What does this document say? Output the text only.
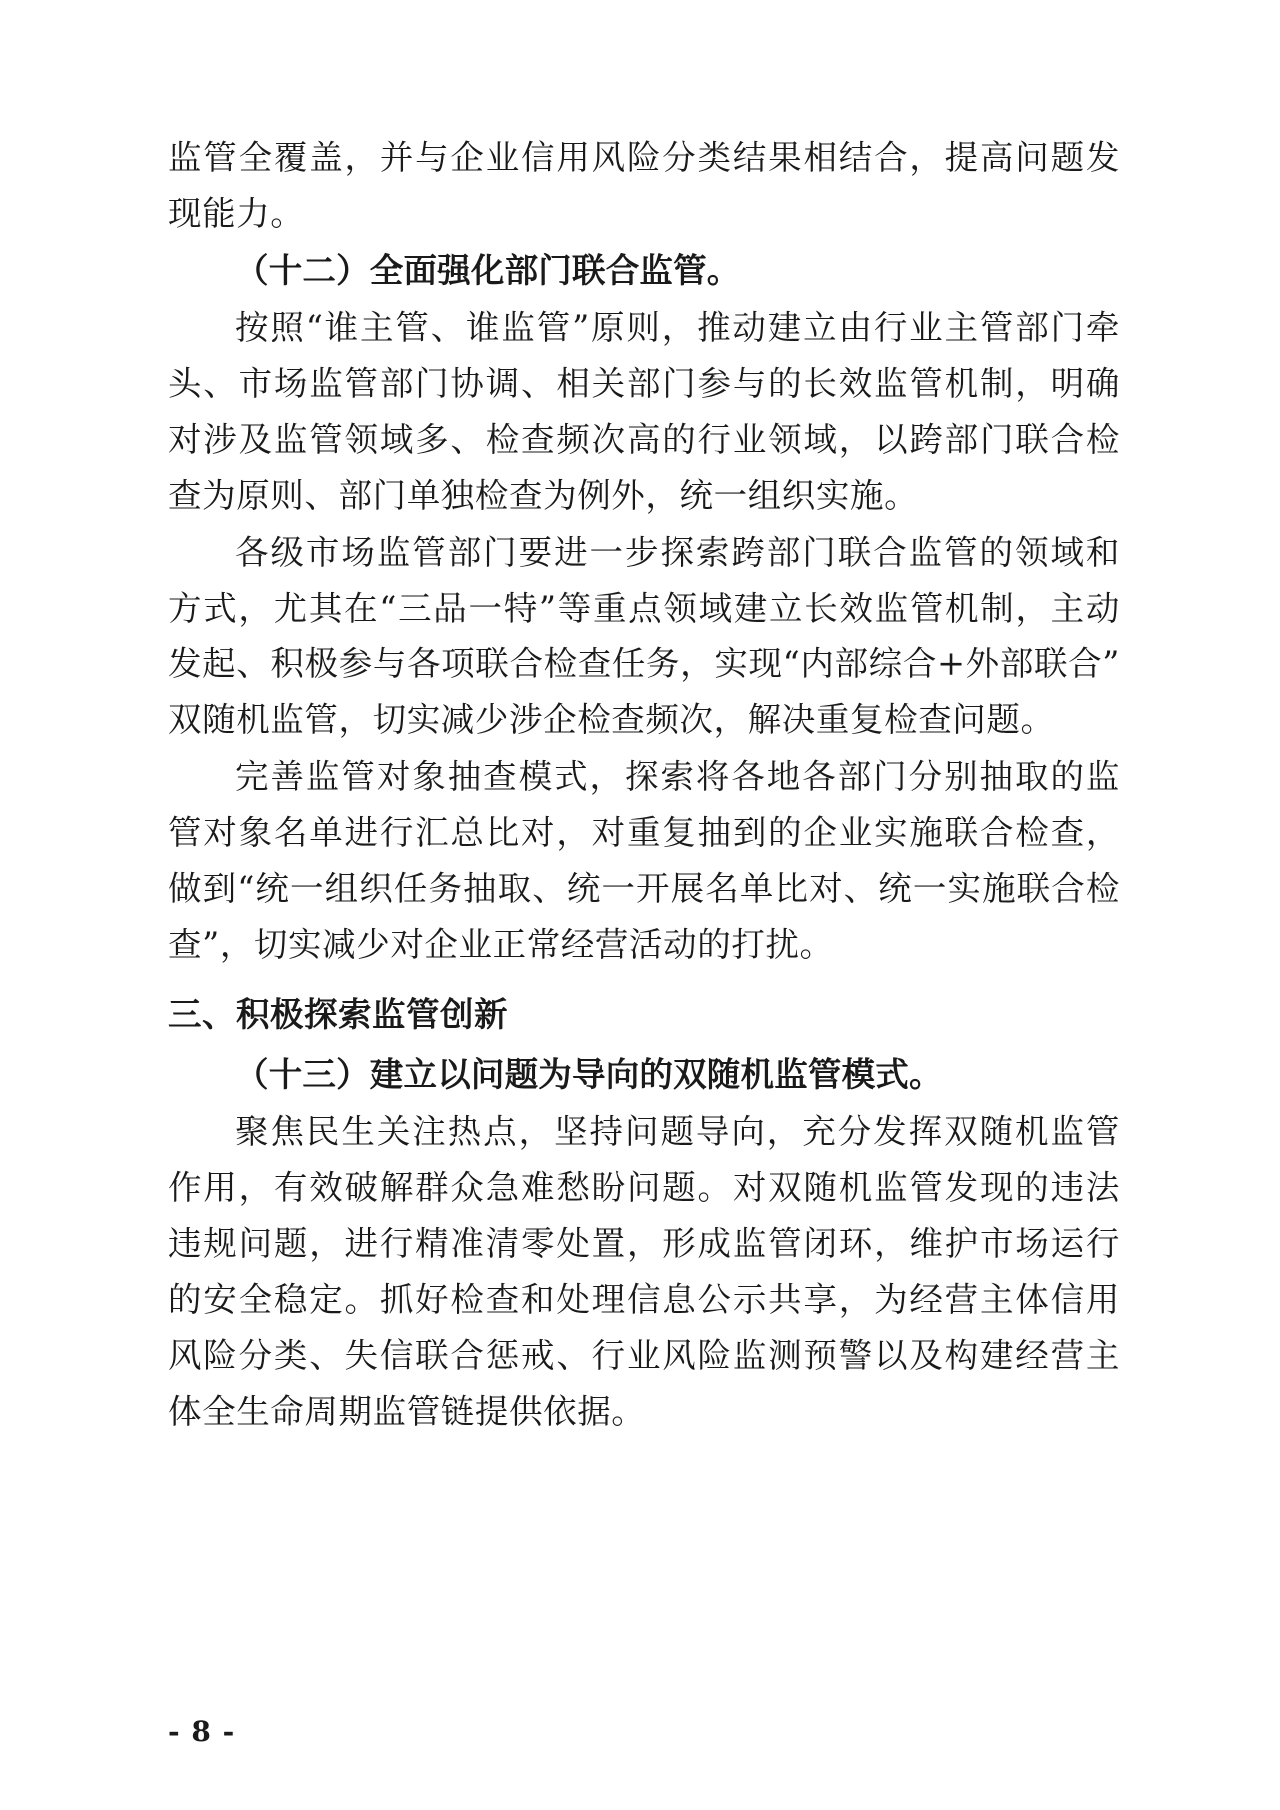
监管全覆盖，并与企业信用风险分类结果相结合，提高问题发现能力。

（十二）全面强化部门联合监管。

按照“谁主管、谁监管”原则，推动建立由行业主管部门牵头、市场监管部门协调、相关部门参与的长效监管机制，明确对涉及监管领域多、检查频次高的行业领域，以跨部门联合检查为原则、部门单独检查为例外，统一组织实施。

各级市场监管部门要进一步探索跨部门联合监管的领域和方式，尤其在“三品一特”等重点领域建立长效监管机制，主动发起、积极参与各项联合检查任务，实现“内部综合+外部联合”双随机监管，切实减少涉企检查频次，解决重复检查问题。

完善监管对象抽查模式，探索将各地各部门分别抽取的监管对象名单进行汇总比对，对重复抽到的企业实施联合检查，做到“统一组织任务抽取、统一开展名单比对、统一实施联合检查”，切实减少对企业正常经营活动的打扰。

三、积极探索监管创新

（十三）建立以问题为导向的双随机监管模式。

聚焦民生关注热点，坚持问题导向，充分发挥双随机监管作用，有效破解群众急难愁盼问题。对双随机监管发现的违法违规问题，进行精准清零处置，形成监管闭环，维护市场运行的安全稳定。抓好检查和处理信息公示共享，为经营主体信用风险分类、失信联合惩戒、行业风险监测预警以及构建经营主体全生命周期监管链提供依据。

- 8 -
